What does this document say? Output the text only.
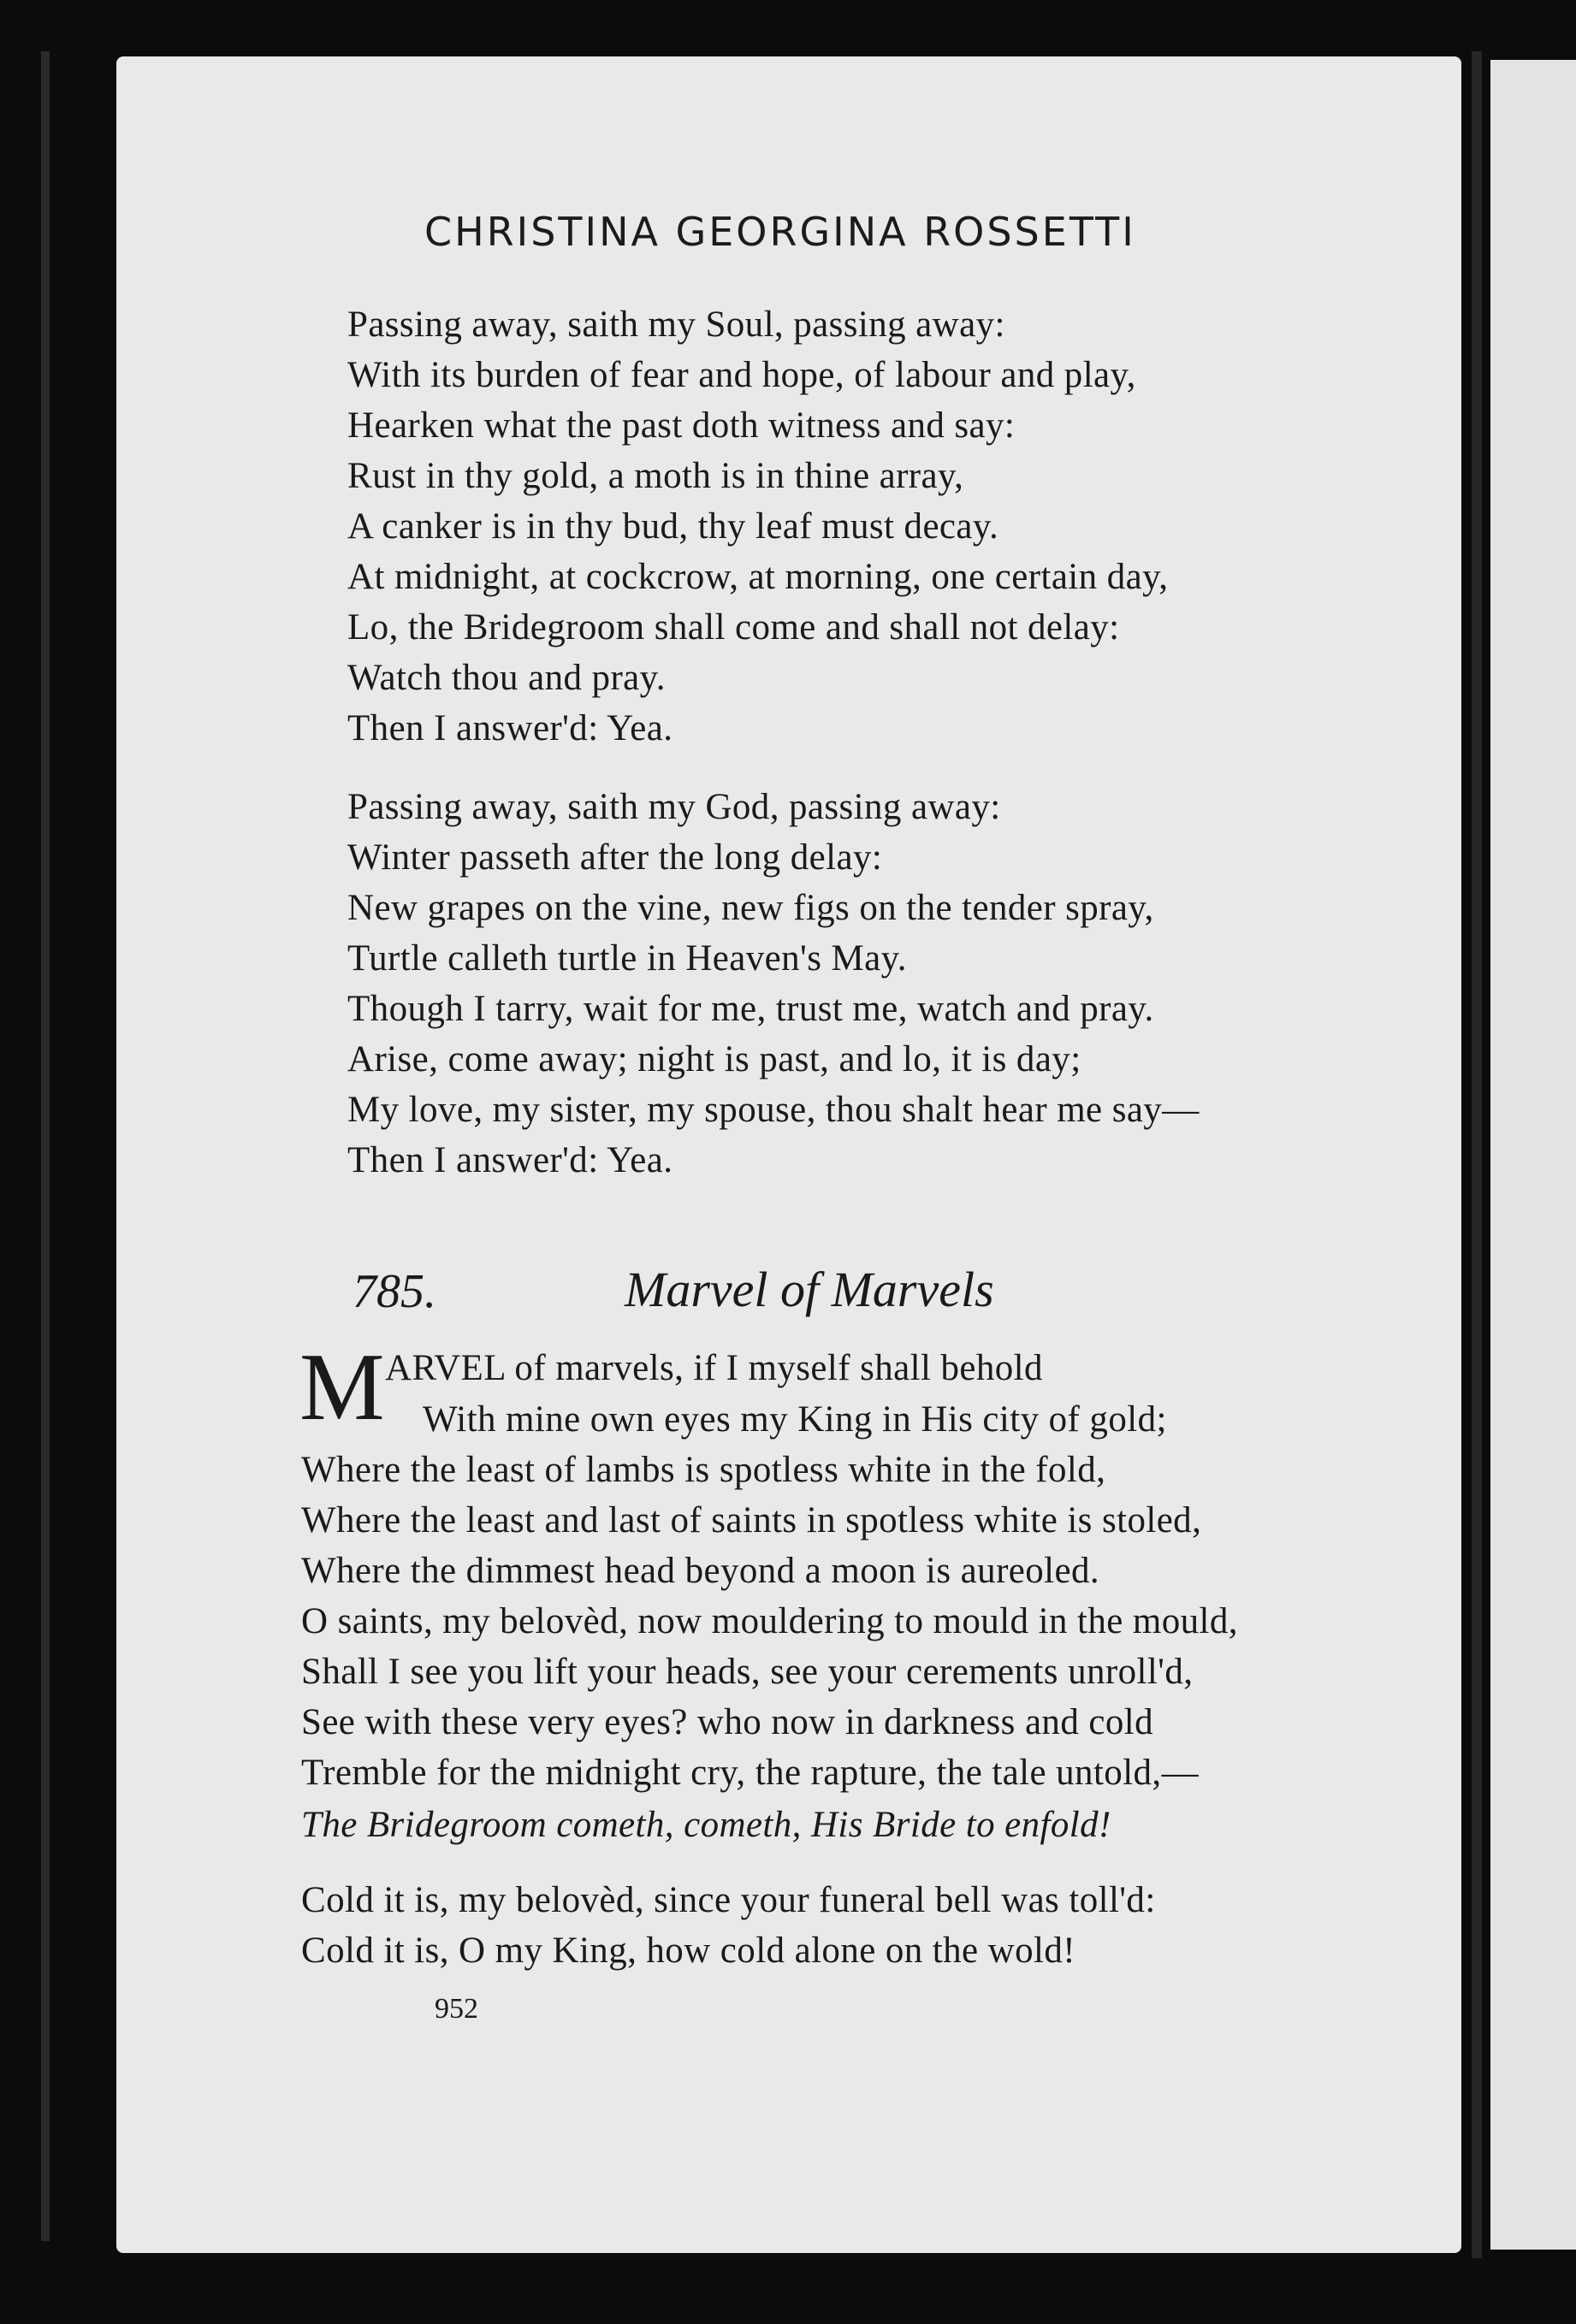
CHRISTINA GEORGINA ROSSETTI
Passing away, saith my Soul, passing away:
With its burden of fear and hope, of labour and play,
Hearken what the past doth witness and say:
Rust in thy gold, a moth is in thine array,
A canker is in thy bud, thy leaf must decay.
At midnight, at cockcrow, at morning, one certain day,
Lo, the Bridegroom shall come and shall not delay:
Watch thou and pray.
Then I answer'd: Yea.
Passing away, saith my God, passing away:
Winter passeth after the long delay:
New grapes on the vine, new figs on the tender spray,
Turtle calleth turtle in Heaven's May.
Though I tarry, wait for me, trust me, watch and pray.
Arise, come away; night is past, and lo, it is day;
My love, my sister, my spouse, thou shalt hear me say—
Then I answer'd: Yea.
785.	Marvel of Marvels
M ARVEL of marvels, if I myself shall behold
With mine own eyes my King in His city of gold;
Where the least of lambs is spotless white in the fold,
Where the least and last of saints in spotless white is stoled,
Where the dimmest head beyond a moon is aureoled.
O saints, my belovèd, now mouldering to mould in the mould,
Shall I see you lift your heads, see your cerements unroll'd,
See with these very eyes? who now in darkness and cold
Tremble for the midnight cry, the rapture, the tale untold,—
The Bridegroom cometh, cometh, His Bride to enfold!
Cold it is, my belovèd, since your funeral bell was toll'd:
Cold it is, O my King, how cold alone on the wold!
952
